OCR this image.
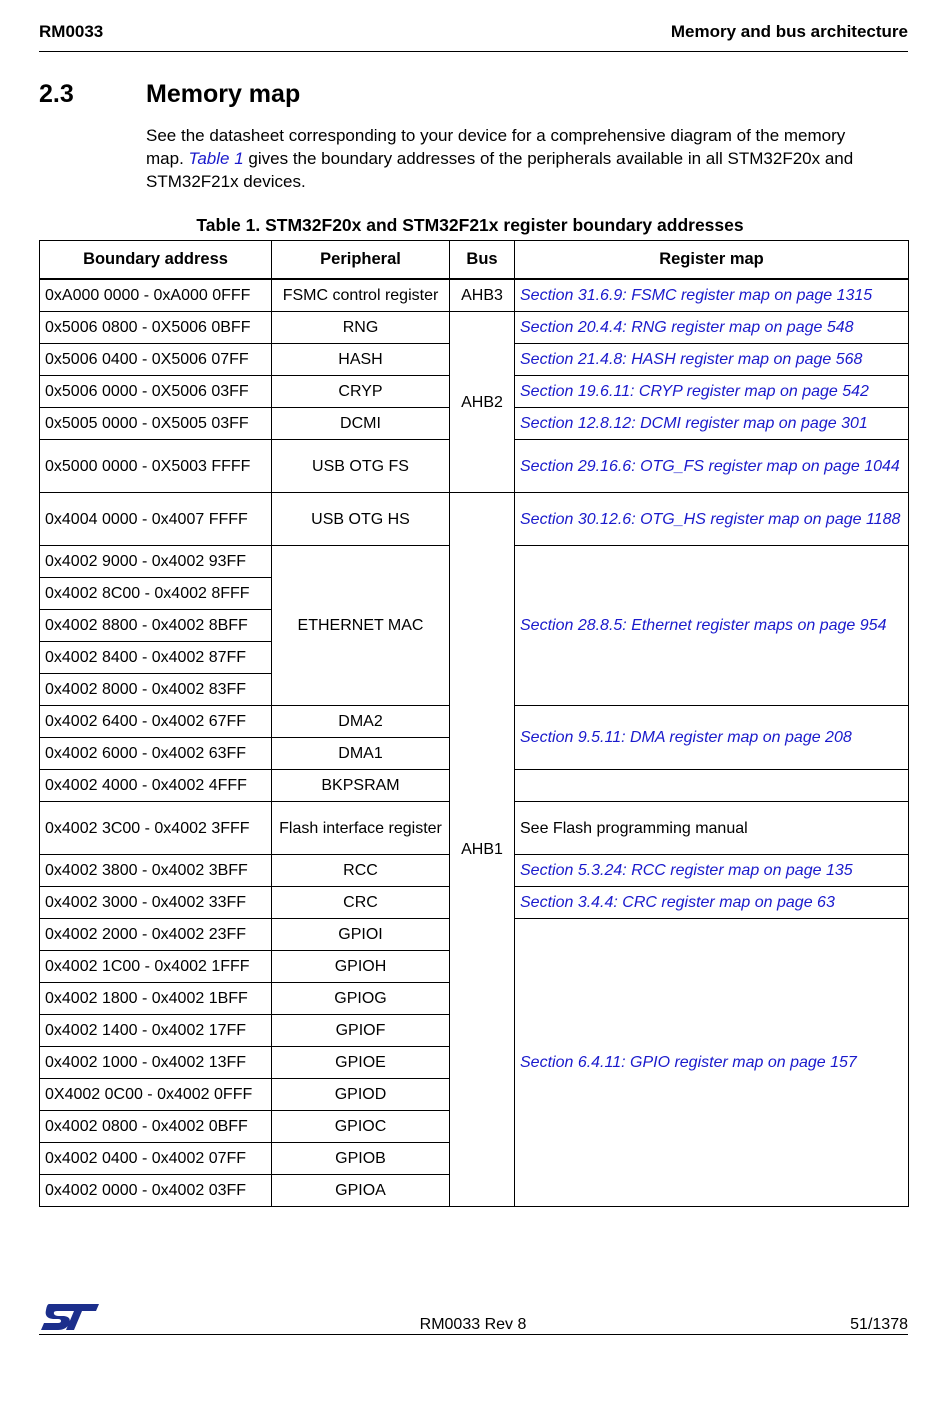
RM0033	Memory and bus architecture
2.3	Memory map
See the datasheet corresponding to your device for a comprehensive diagram of the memory map. Table 1 gives the boundary addresses of the peripherals available in all STM32F20x and STM32F21x devices.
Table 1. STM32F20x and STM32F21x register boundary addresses
Boundary address	Peripheral	Bus	Register map
0xA000 0000 - 0xA000 0FFF	FSMC control register	AHB3	Section 31.6.9: FSMC register map on page 1315
0x5006 0800 - 0X5006 0BFF	RNG	AHB2	Section 20.4.4: RNG register map on page 548
0x5006 0400 - 0X5006 07FF	HASH		Section 21.4.8: HASH register map on page 568
0x5006 0000 - 0X5006 03FF	CRYP		Section 19.6.11: CRYP register map on page 542
0x5005 0000 - 0X5005 03FF	DCMI		Section 12.8.12: DCMI register map on page 301
0x5000 0000 - 0X5003 FFFF	USB OTG FS		Section 29.16.6: OTG_FS register map on page 1044
0x4004 0000 - 0x4007 FFFF	USB OTG HS	AHB1	Section 30.12.6: OTG_HS register map on page 1188
0x4002 9000 - 0x4002 93FF	ETHERNET MAC		Section 28.8.5: Ethernet register maps on page 954
0x4002 8C00 - 0x4002 8FFF			
0x4002 8800 - 0x4002 8BFF			
0x4002 8400 - 0x4002 87FF			
0x4002 8000 - 0x4002 83FF			
0x4002 6400 - 0x4002 67FF	DMA2		Section 9.5.11: DMA register map on page 208
0x4002 6000 - 0x4002 63FF	DMA1		
0x4002 4000 - 0x4002 4FFF	BKPSRAM		
0x4002 3C00 - 0x4002 3FFF	Flash interface register		See Flash programming manual
0x4002 3800 - 0x4002 3BFF	RCC		Section 5.3.24: RCC register map on page 135
0x4002 3000 - 0x4002 33FF	CRC		Section 3.4.4: CRC register map on page 63
0x4002 2000 - 0x4002 23FF	GPIOI		Section 6.4.11: GPIO register map on page 157
0x4002 1C00 - 0x4002 1FFF	GPIOH		
0x4002 1800 - 0x4002 1BFF	GPIOG		
0x4002 1400 - 0x4002 17FF	GPIOF		
0x4002 1000 - 0x4002 13FF	GPIOE		
0X4002 0C00 - 0x4002 0FFF	GPIOD		
0x4002 0800 - 0x4002 0BFF	GPIOC		
0x4002 0400 - 0x4002 07FF	GPIOB		
0x4002 0000 - 0x4002 03FF	GPIOA		
RM0033 Rev 8	51/1378
